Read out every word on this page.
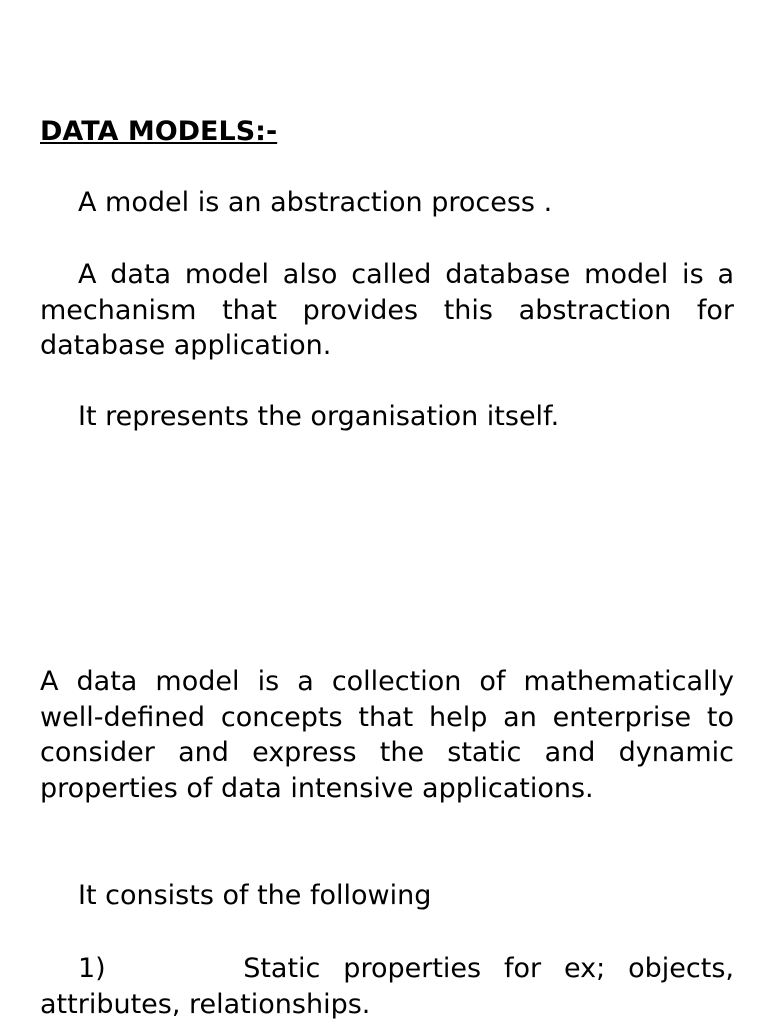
DATA MODELS:-

A model is an abstraction process .

A data model also called database model is a mechanism that provides this abstraction for database application.

It represents the organisation itself.

A data model is a collection of mathematically well-defined concepts that help an enterprise to consider and express the static and dynamic properties of data intensive applications.

It consists of the following

1)	Static properties for ex; objects, attributes, relationships.
